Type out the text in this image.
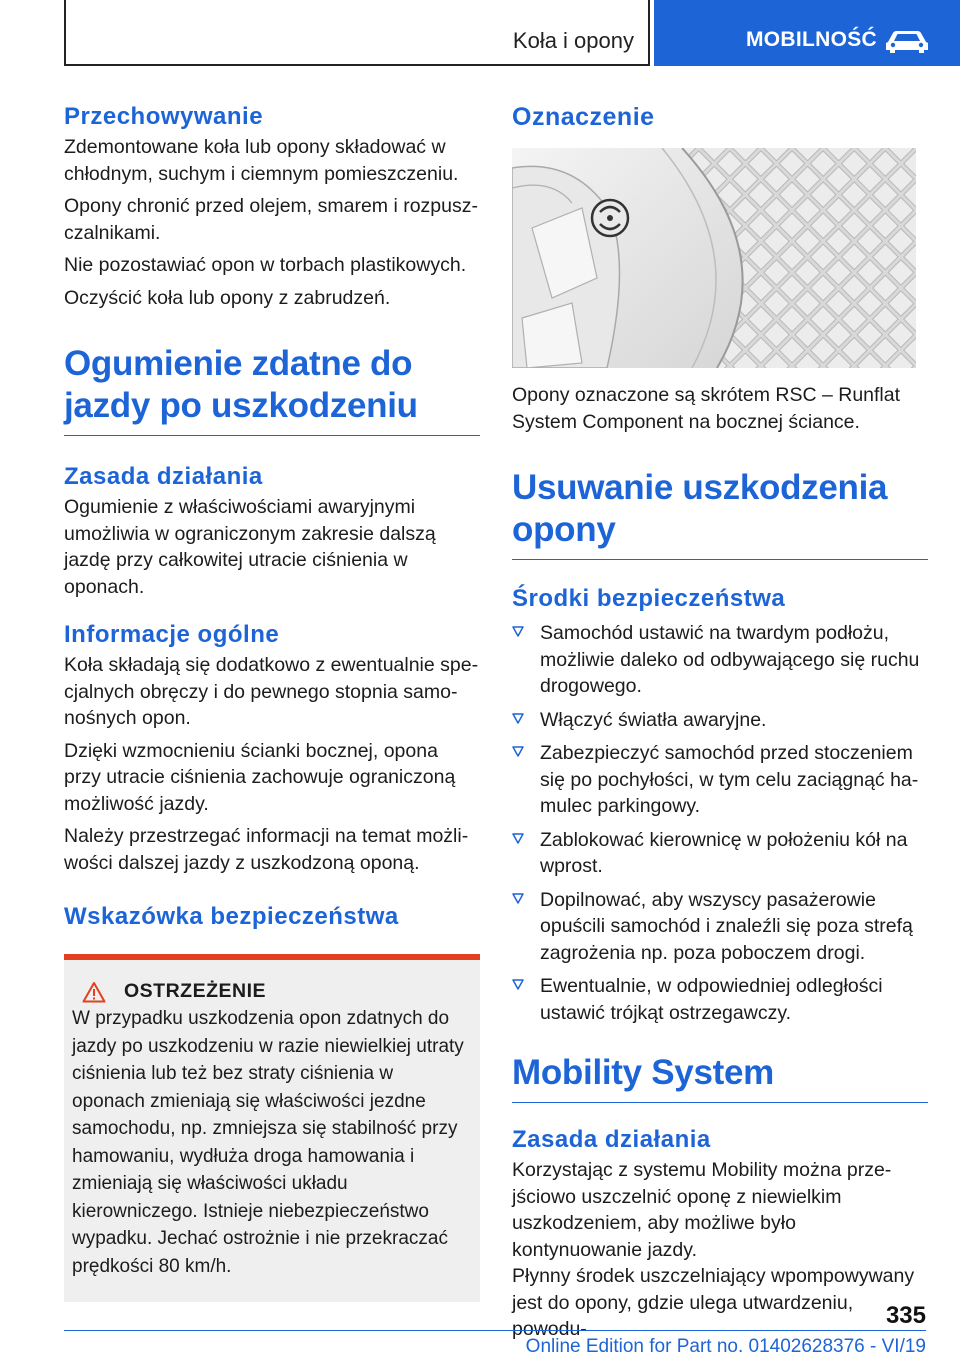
Koła i opony	MOBILNOŚĆ
Przechowywanie

Zdemontowane koła lub opony składować w chłodnym, suchym i ciemnym pomieszczeniu.

Opony chronić przed olejem, smarem i rozpuszczalnikami.

Nie pozostawiać opon w torbach plastikowych.

Oczyścić koła lub opony z zabrudzeń.

Ogumienie zdatne do jazdy po uszkodzeniu
Zasada działania

Ogumienie z właściwościami awaryjnymi umożliwia w ograniczonym zakresie dalszą jazdę przy całkowitej utracie ciśnienia w oponach.

Informacje ogólne

Koła składają się dodatkowo z ewentualnie specjalnych obręczy i do pewnego stopnia samonośnych opon.

Dzięki wzmocnieniu ścianki bocznej, opona przy utracie ciśnienia zachowuje ograniczoną możliwość jazdy.

Należy przestrzegać informacji na temat możliwości dalszej jazdy z uszkodzoną oponą.

Wskazówka bezpieczeństwa
OSTRZEŻENIE

W przypadku uszkodzenia opon zdatnych do jazdy po uszkodzeniu w razie niewielkiej utraty ciśnienia lub też bez straty ciśnienia w oponach zmieniają się właściwości jezdne samochodu, np. zmniejsza się stabilność przy hamowaniu, wydłuża droga hamowania i zmieniają się właściwości układu kierowniczego. Istnieje niebezpieczeństwo wypadku. Jechać ostrożnie i nie przekraczać prędkości 80 km/h.

Oznaczenie

Opony oznaczone są skrótem RSC – Runflat System Component na bocznej ściance.

Usuwanie uszkodzenia opony
Środki bezpieczeństwa
Samochód ustawić na twardym podłożu, możliwie daleko od odbywającego się ruchu drogowego.
Włączyć światła awaryjne.
Zabezpieczyć samochód przed stoczeniem się po pochyłości, w tym celu zaciągnąć hamulec parkingowy.
Zablokować kierownicę w położeniu kół na wprost.
Dopilnować, aby wszyscy pasażerowie opuścili samochód i znaleźli się poza strefą zagrożenia np. poza poboczem drogi.
Ewentualnie, w odpowiedniej odległości ustawić trójkąt ostrzegawczy.
Mobility System
Zasada działania

Korzystając z systemu Mobility można przejściowo uszczelnić oponę z niewielkim uszkodzeniem, aby możliwe było kontynuowanie jazdy.

Płynny środek uszczelniający wpompowywany jest do opony, gdzie ulega utwardzeniu, powodu-	335
Online Edition for Part no. 01402628376 - VI/19
